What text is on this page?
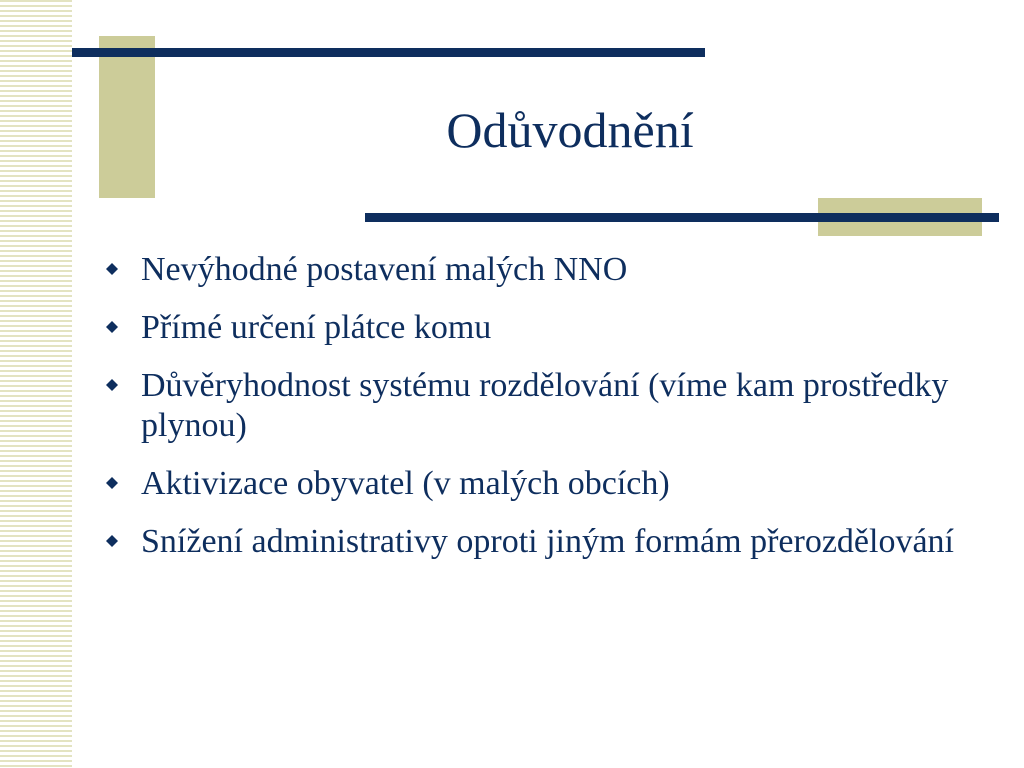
Odůvodnění
Nevýhodné postavení malých NNO
Přímé určení plátce komu
Důvěryhodnost systému rozdělování (víme kam prostředky plynou)
Aktivizace obyvatel (v malých obcích)
Snížení administrativy oproti jiným formám přerozdělování
